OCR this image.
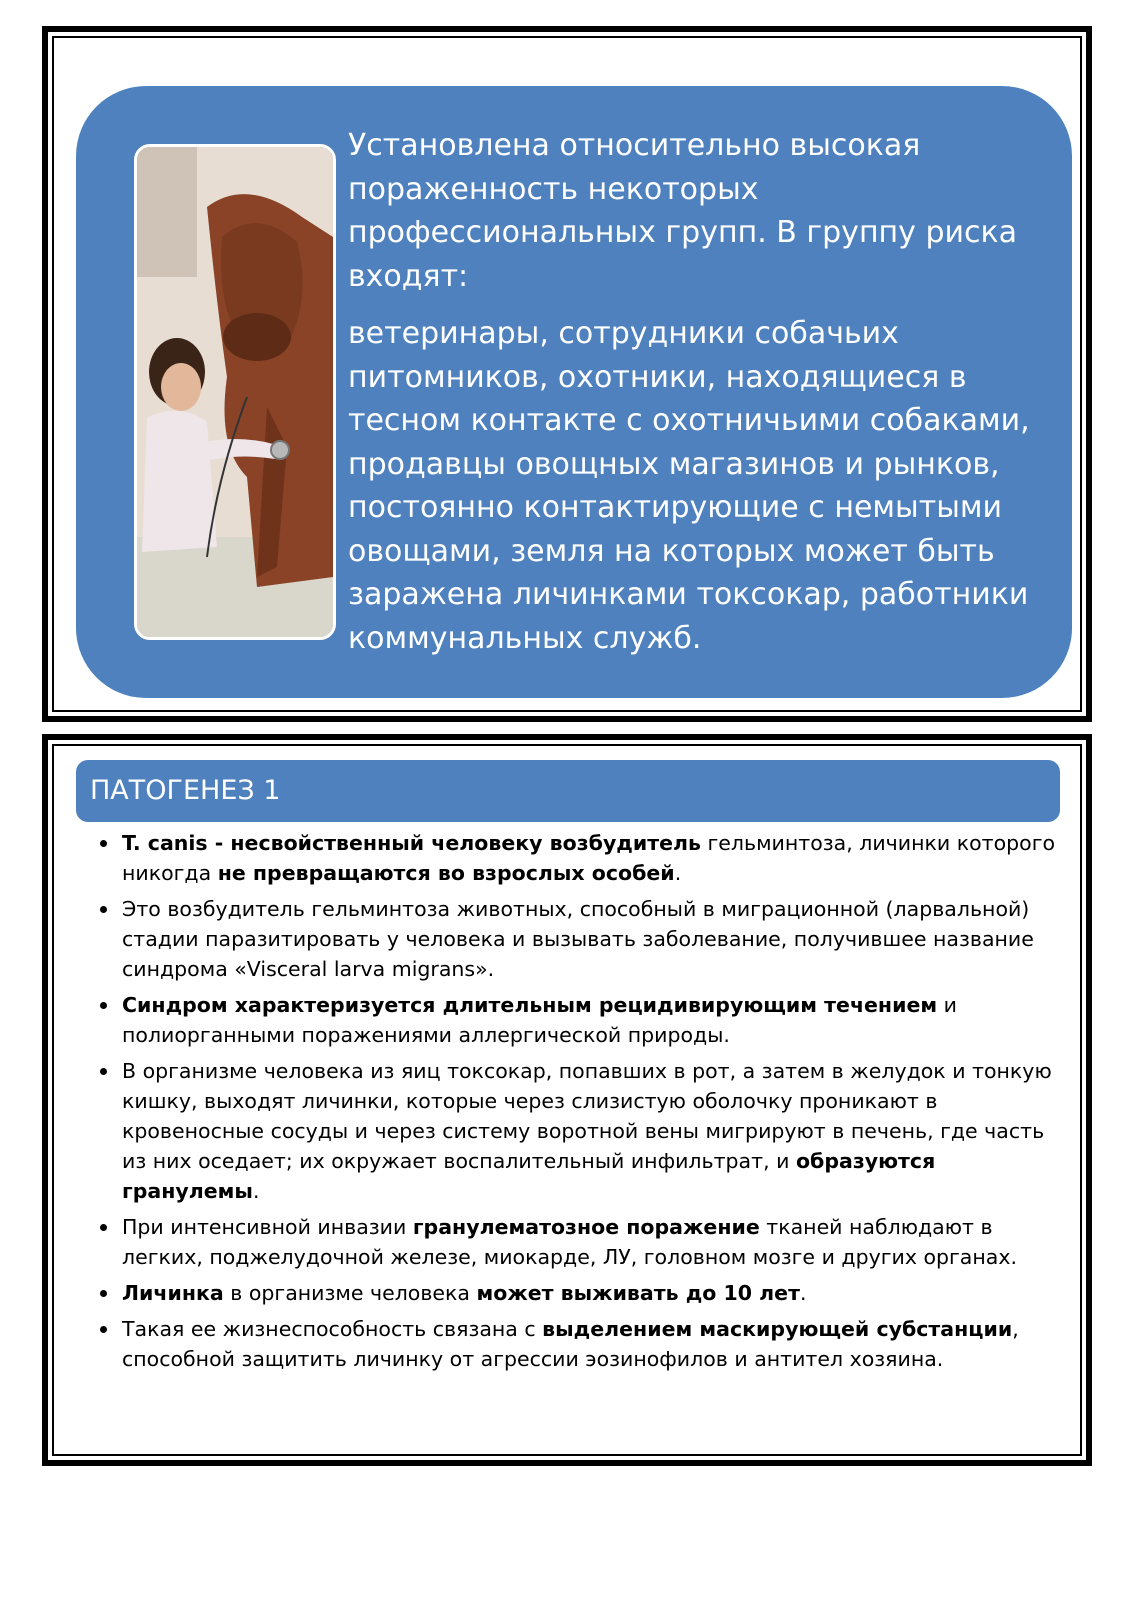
Установлена относительно высокая пораженность некоторых профессиональных групп. В группу риска входят:

ветеринары, сотрудники собачьих питомников, охотники, находящиеся в тесном контакте с охотничьими собаками, продавцы овощных магазинов и рынков, постоянно контактирующие с немытыми овощами, земля на которых может быть заражена личинками токсокар, работники коммунальных служб.

ПАТОГЕНЕЗ 1
T. canis - несвойственный человеку возбудитель гельминтоза, личинки которого никогда не превращаются во взрослых особей.
Это возбудитель гельминтоза животных, способный в миграционной (ларвальной) стадии паразитировать у человека и вызывать заболевание, получившее название синдрома «Visceral larva migrans».
Синдром характеризуется длительным рецидивирующим течением и полиорганными поражениями аллергической природы.
В организме человека из яиц токсокар, попавших в рот, а затем в желудок и тонкую кишку, выходят личинки, которые через слизистую оболочку проникают в кровеносные сосуды и через систему воротной вены мигрируют в печень, где часть из них оседает; их окружает воспалительный инфильтрат, и образуются гранулемы.
При интенсивной инвазии гранулематозное поражение тканей наблюдают в легких, поджелудочной железе, миокарде, ЛУ, головном мозге и других органах.
Личинка в организме человека может выживать до 10 лет.
Такая ее жизнеспособность связана с выделением маскирующей субстанции, способной защитить личинку от агрессии эозинофилов и антител хозяина.
